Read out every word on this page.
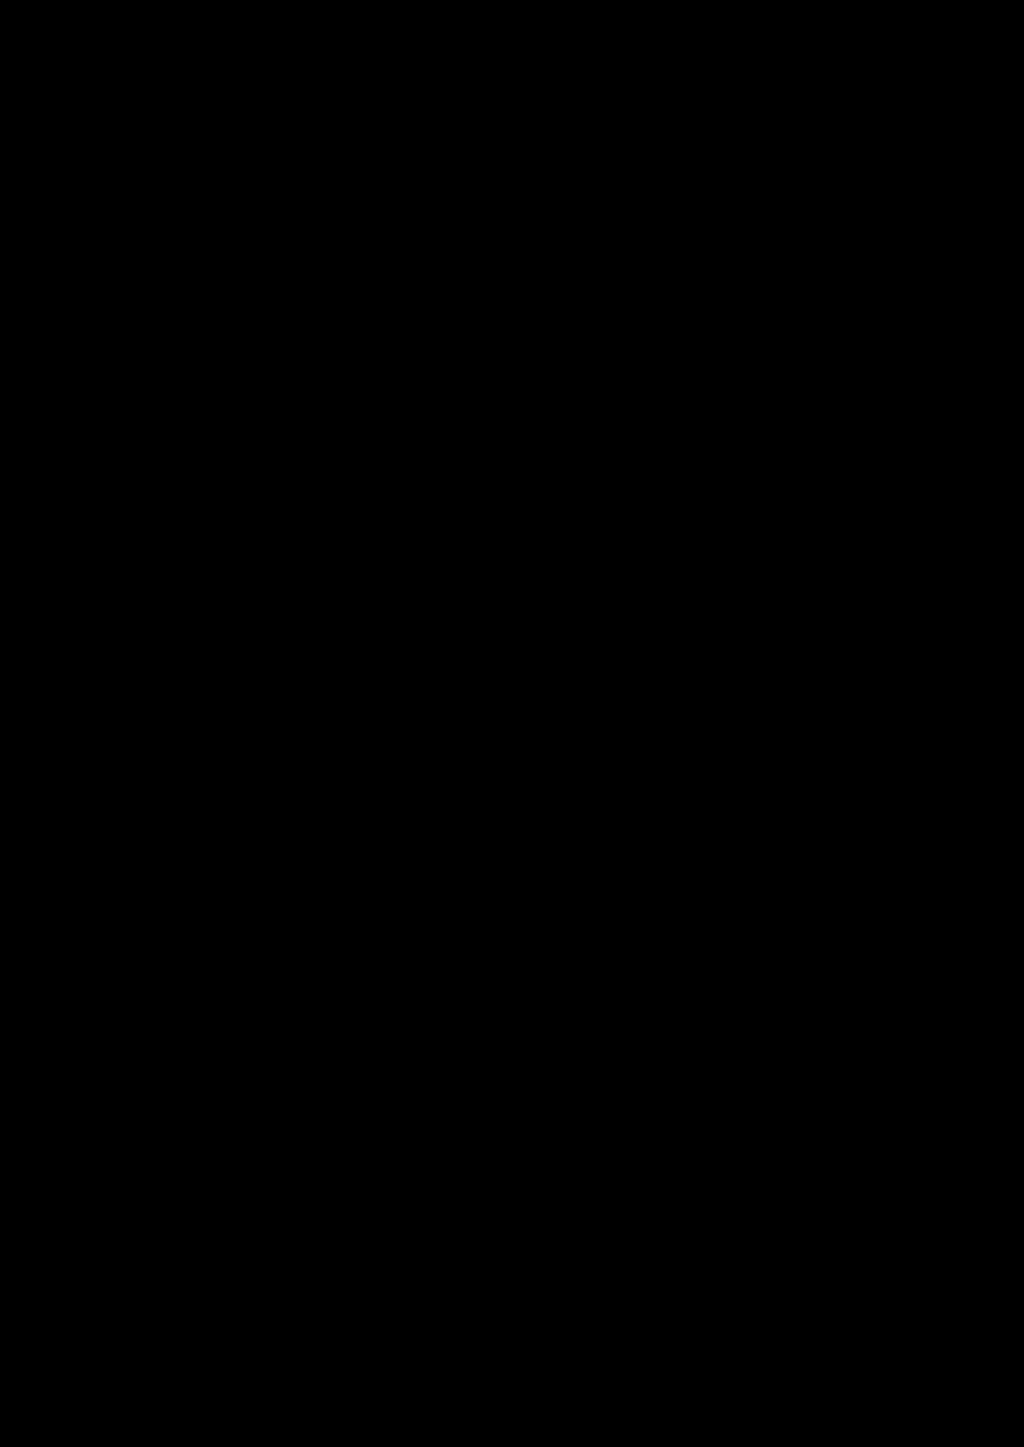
Załącznik nr 2

do zarządzenia Wojewody Dolnośląskiego

…....  ………

......................., dnia ....................

/miejscowość/

...........................................

/imię i nazwisko/

...........................................

/adres zamieszkania/

...........................................

OSWIADCZENIE

Ja niżej podpisany/a ....................................................... legitymujący/a się dowodem

/imię i nazwisko/

tożsamości nr ........................, pesel ............................., wyrażam zgodę na wystawienie

weksla  in blanco przez moją żonę/mojego męża*..................................................,

/imię i nazwisko/

legitymującą(ego) się dowodem tożsamości nr ................................,pesel ….........................,

prowadzącą(ego) działalność gospodarczą pod nazwą ……………………………………………

.........................................................na rzecz Dolnośląskiego Urzędu Wojewódzkiego we

Wrocławiu jako  zabezpieczenie  wykonania  Umowy  nr  …………./2018	zawartej  w  dniu

................................................

.....................................................................

/czytelny podpis/

*Niepotrzebne skreślić
